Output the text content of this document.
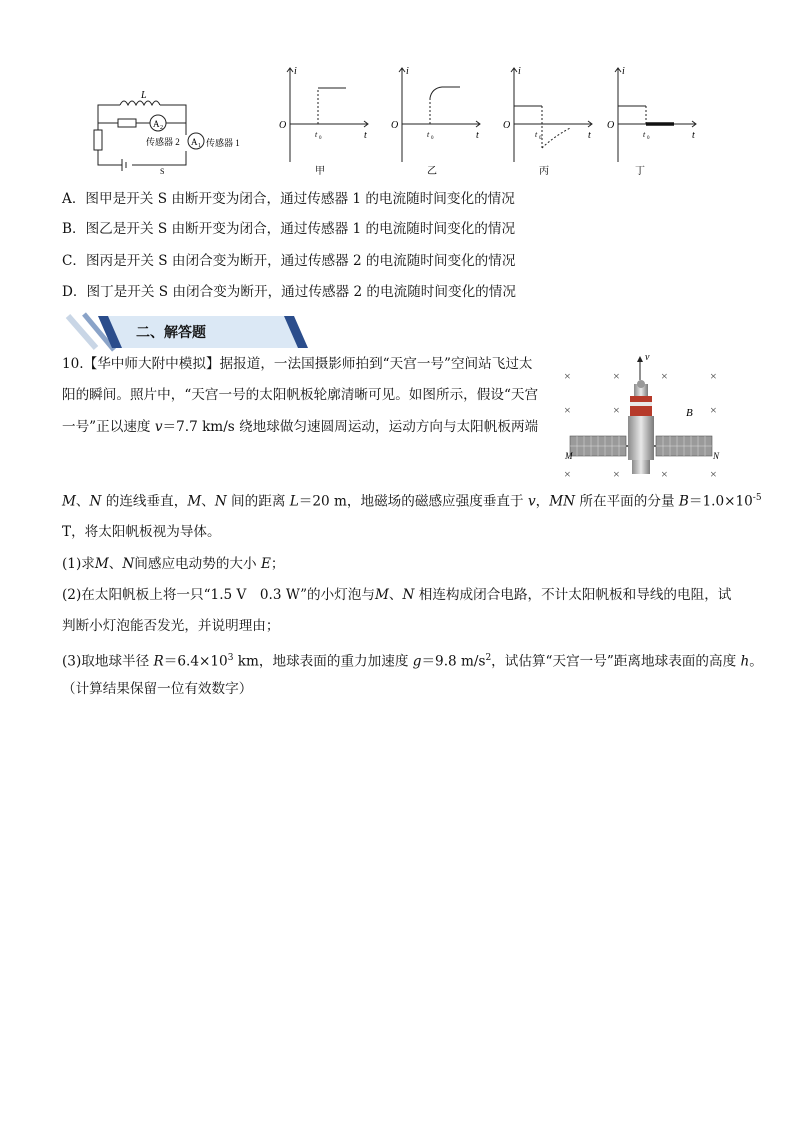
L
A 2
A 1 传感器 1
传感器 2
S
O
i
t
t 0
甲
O
i
t
t 0
乙
O
i
t
t 0
丙
O
i
t
t 0
丁
A．图甲是开关 S 由断开变为闭合，通过传感器 1 的电流随时间变化的情况
B．图乙是开关 S 由断开变为闭合，通过传感器 1 的电流随时间变化的情况
C．图丙是开关 S 由闭合变为断开，通过传感器 2 的电流随时间变化的情况
D．图丁是开关 S 由闭合变为断开，通过传感器 2 的电流随时间变化的情况
二、解答题
10.【华中师大附中模拟】据报道，一法国摄影师拍到“天宫一号”空间站飞过太
阳的瞬间。照片中，“天宫一号的太阳帆板轮廓清晰可见。如图所示，假设“天宫
一号”正以速度 v＝7.7 km/s 绕地球做匀速圆周运动，运动方向与太阳帆板两端
M、N 的连线垂直，M、N 间的距离 L＝20 m，地磁场的磁感应强度垂直于 v，MN 所在平面的分量 $B=1.0\times 10^{-5}$
T，将太阳帆板视为导体。
(1)求M、N间感应电动势的大小 E；
(2)在太阳帆板上将一只“1.5 V　0.3 W”的小灯泡与M、N 相连构成闭合电路，不计太阳帆板和导线的电阻，试
判断小灯泡能否发光，并说明理由；
(3)取地球半径 $R=6.4\times 10^3$ km，地球表面的重力加速度 g＝9.8 $m/s^2$，试估算“天宫一号”距离地球表面的高度 h。
（计算结果保留一位有效数字）
×	×	×	×
×	×	×
×	×	×	×
v
B
M	N
